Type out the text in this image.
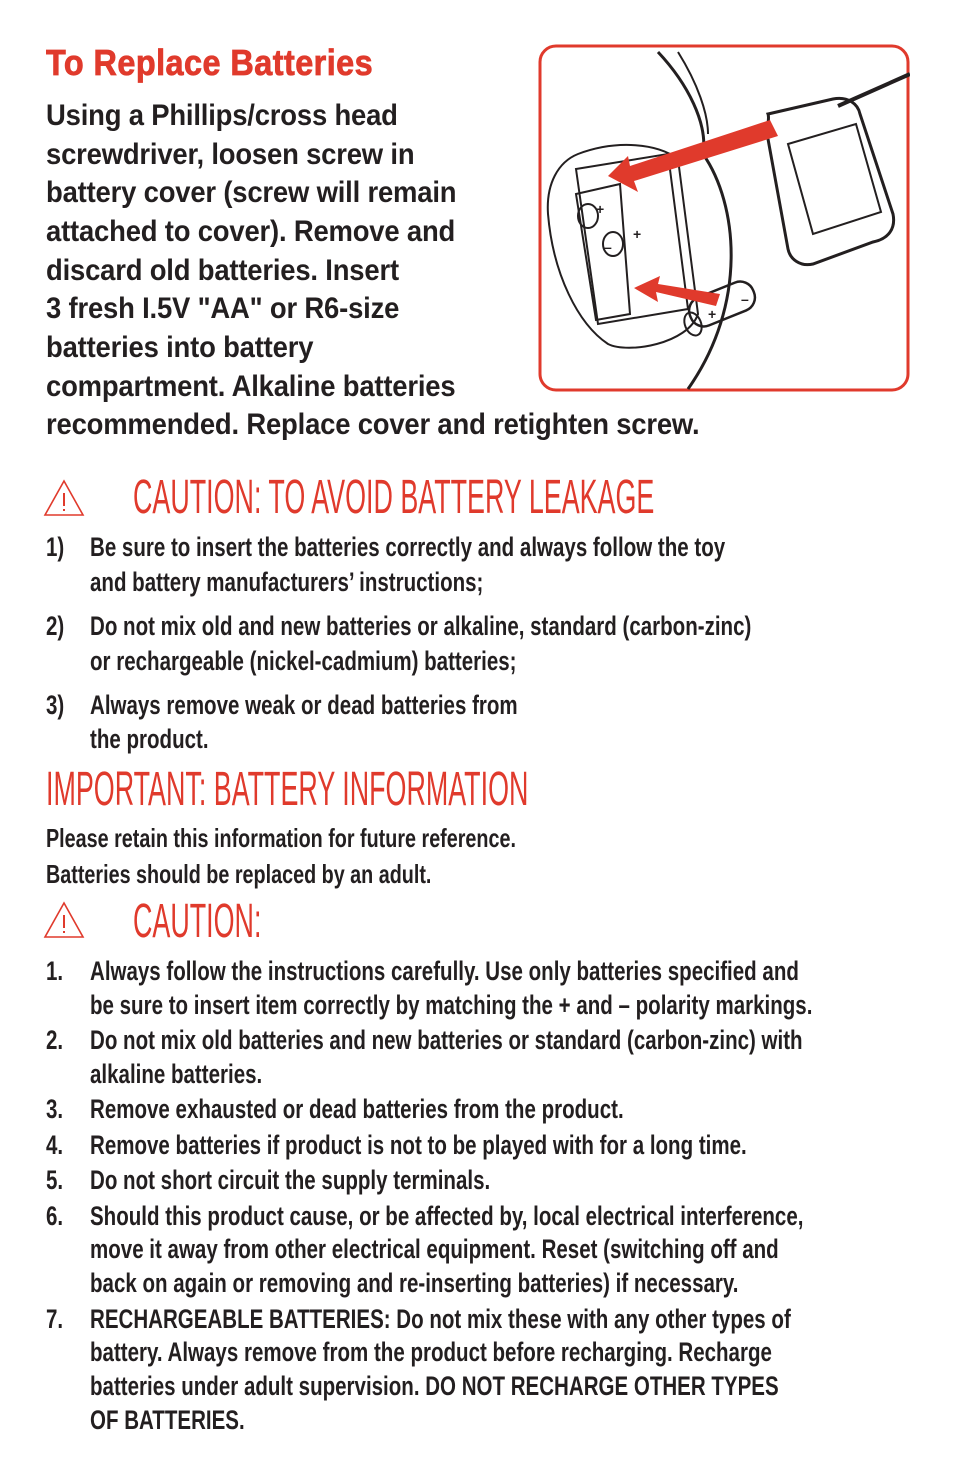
To Replace Batteries
Using a Phillips/cross head
screwdriver, loosen screw in
battery cover (screw will remain
attached to cover). Remove and
discard old batteries. Insert
3 fresh I.5V "AA" or R6-size
batteries into battery
compartment. Alkaline batteries
recommended. Replace cover and retighten screw.
+
+
–
+
–
CAUTION: TO AVOID BATTERY LEAKAGE
1) Be sure to insert the batteries correctly and always follow the toy
and battery manufacturers’ instructions;
2) Do not mix old and new batteries or alkaline, standard (carbon-zinc)
or rechargeable (nickel-cadmium) batteries;
3) Always remove weak or dead batteries from
the product.
IMPORTANT: BATTERY INFORMATION
Please retain this information for future reference.
Batteries should be replaced by an adult.
CAUTION:
1. Always follow the instructions carefully. Use only batteries specified and
be sure to insert item correctly by matching the + and – polarity markings.
2. Do not mix old batteries and new batteries or standard (carbon-zinc) with
alkaline batteries.
3. Remove exhausted or dead batteries from the product.
4. Remove batteries if product is not to be played with for a long time.
5. Do not short circuit the supply terminals.
6. Should this product cause, or be affected by, local electrical interference,
move it away from other electrical equipment. Reset (switching off and
back on again or removing and re-inserting batteries) if necessary.
7. RECHARGEABLE BATTERIES: Do not mix these with any other types of
battery. Always remove from the product before recharging. Recharge
batteries under adult supervision. DO NOT RECHARGE OTHER TYPES
OF BATTERIES.
